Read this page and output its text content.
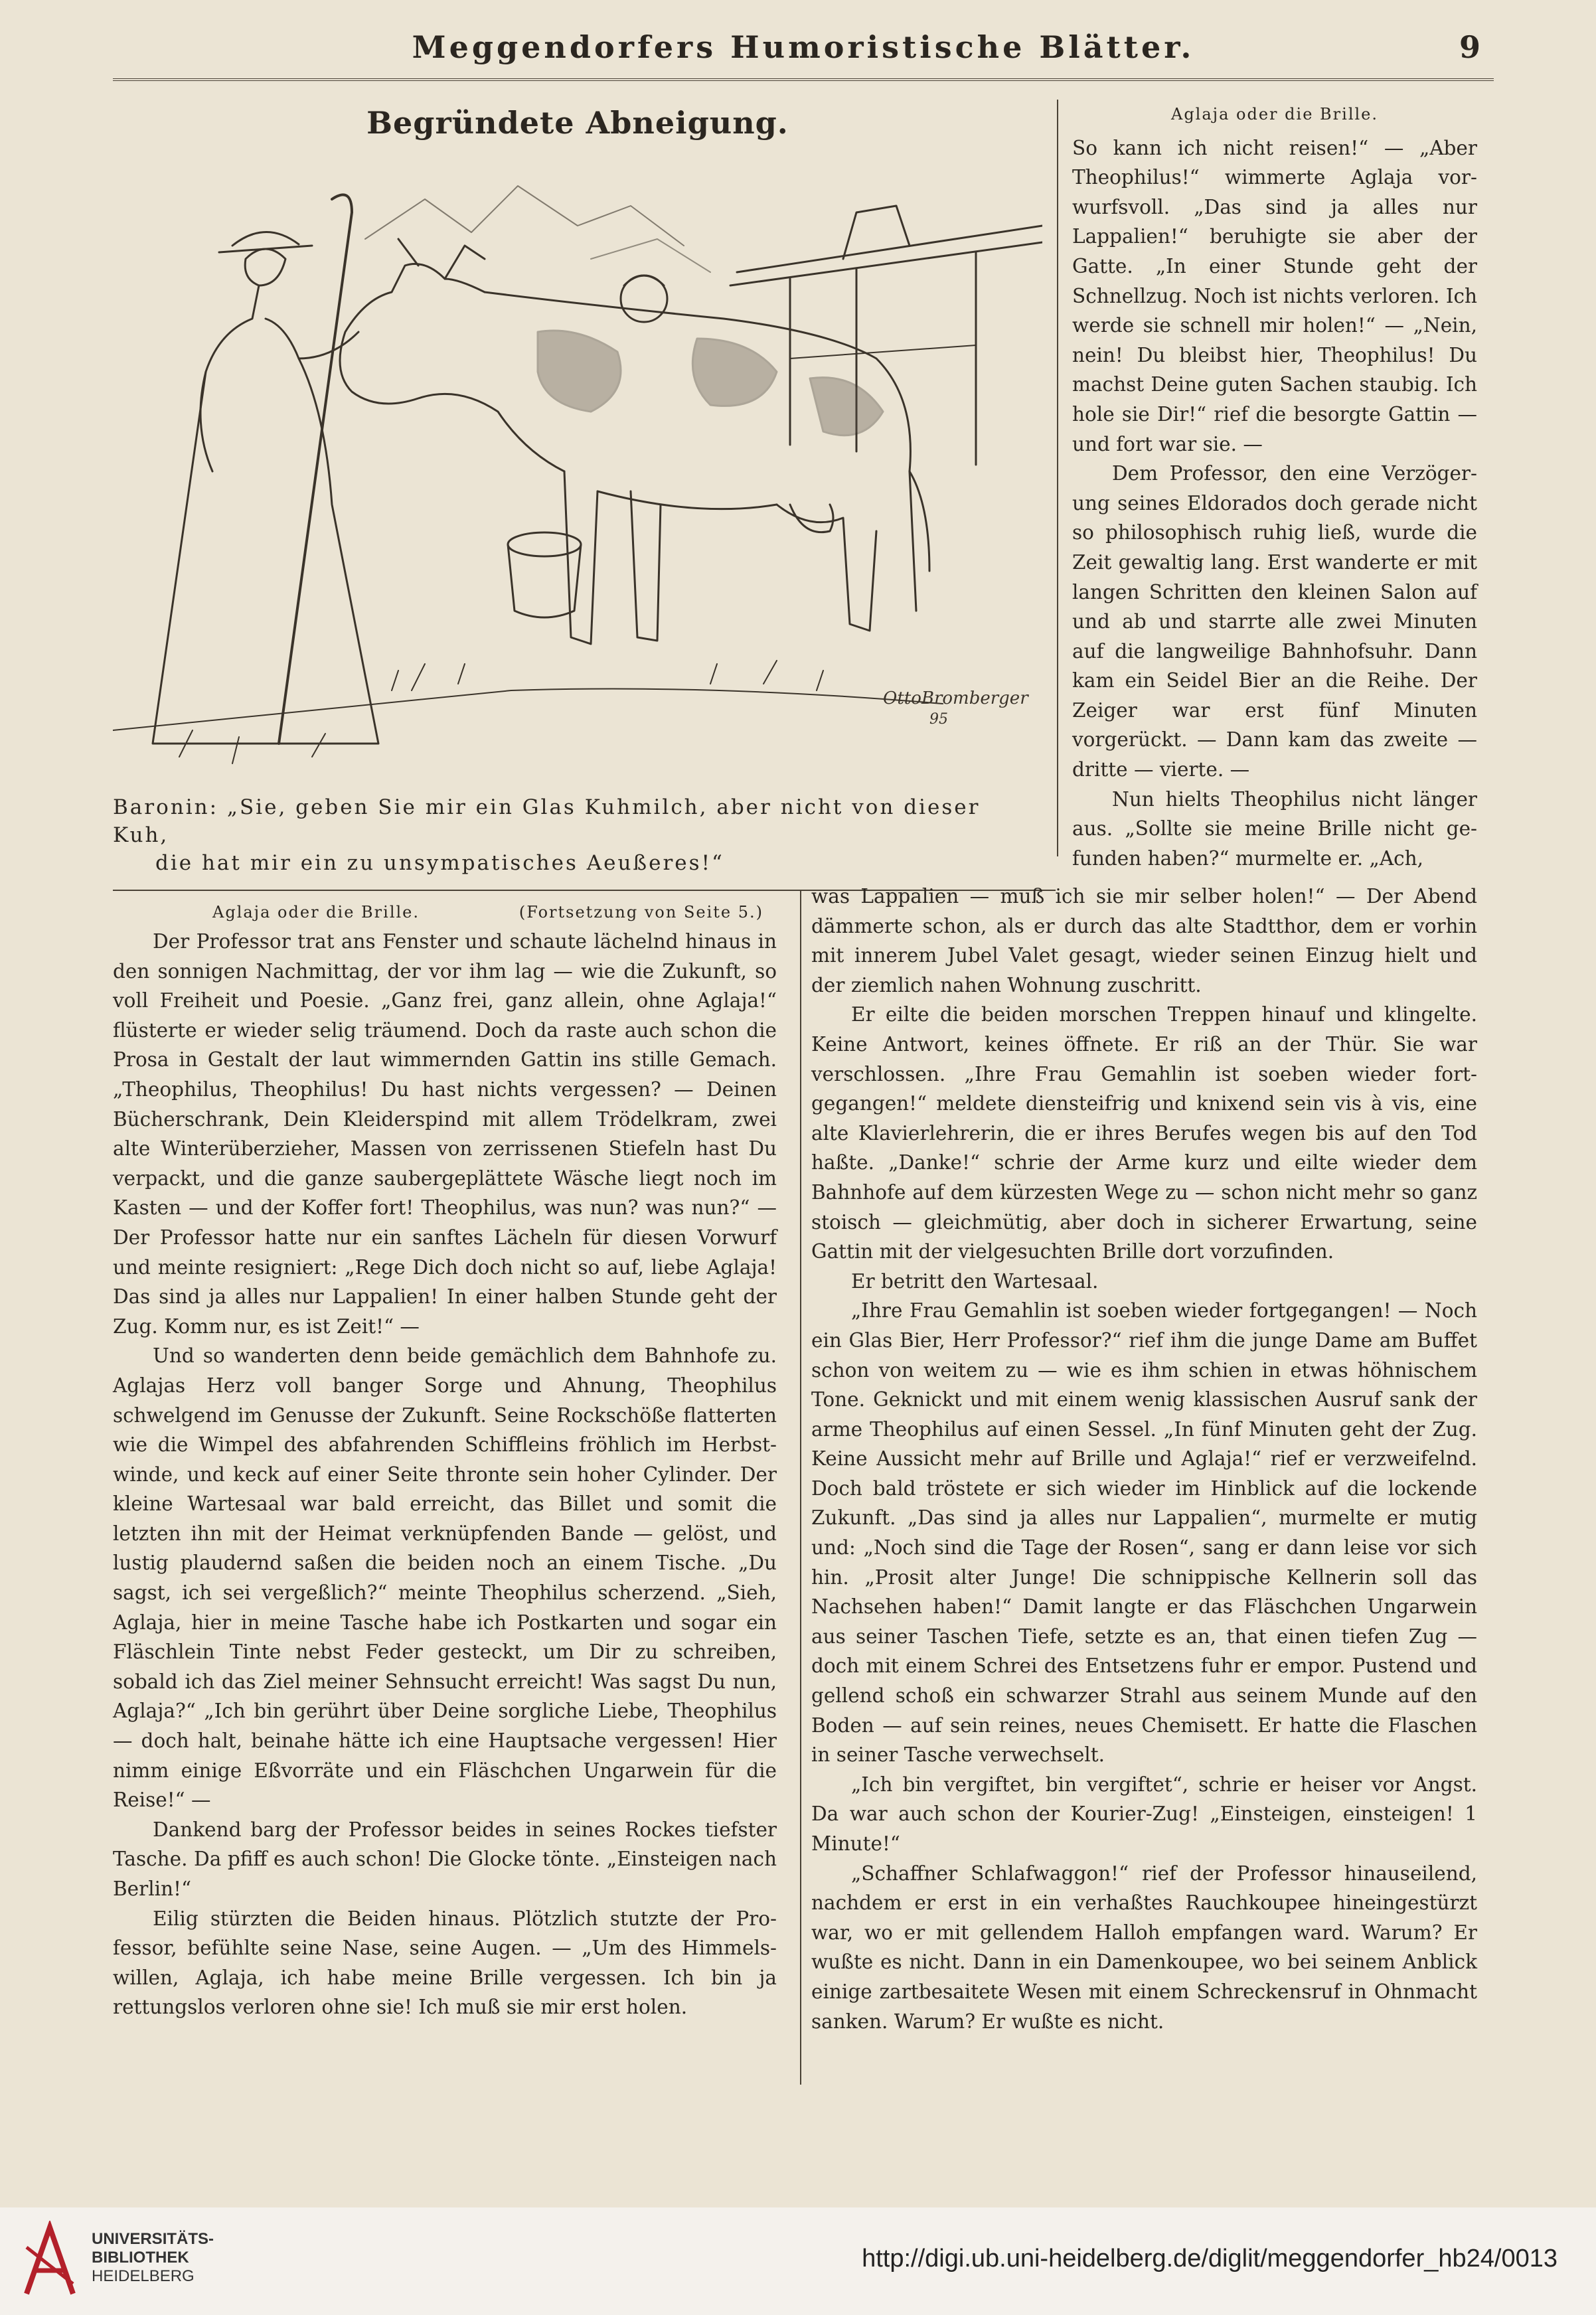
Meggendorfers Humoristische Blätter.	9
Begründete Abneigung.
OttoBromberger
95
Baronin: „Sie, geben Sie mir ein Glas Kuhmilch, aber nicht von dieser Kuh,
die hat mir ein zu unsympatisches Aeußeres!“
Aglaja oder die Brille.	(Fortsetzung von Seite 5.)

Der Professor trat ans Fenster und schaute lächelnd hinaus in den sonnigen Nachmittag, der vor ihm lag — wie die Zukunft, so voll Freiheit und Poesie. „Ganz frei, ganz allein, ohne Aglaja!“ flüsterte er wieder selig träumend. Doch da raste auch schon die Prosa in Gestalt der laut wimmernden Gattin ins stille Gemach. „Theophilus, Theophilus! Du hast nichts vergessen? — Deinen Bücherschrank, Dein Kleiderspind mit allem Trödelkram, zwei alte Winterüberzieher, Massen von zerrissenen Stiefeln hast Du verpackt, und die ganze saubergeplättete Wäsche liegt noch im Kasten — und der Koffer fort! Theophilus, was nun? was nun?“ — Der Professor hatte nur ein sanftes Lächeln für diesen Vorwurf und meinte resigniert: „Rege Dich doch nicht so auf, liebe Aglaja! Das sind ja alles nur Lappalien! In einer halben Stunde geht der Zug. Komm nur, es ist Zeit!“ —

Und so wanderten denn beide gemächlich dem Bahnhofe zu. Aglajas Herz voll banger Sorge und Ahnung, Theophilus schwelgend im Genusse der Zukunft. Seine Rockschöße flatterten wie die Wimpel des abfahrenden Schiffleins fröhlich im Herbstwinde, und keck auf einer Seite thronte sein hoher Cylinder. Der kleine Wartesaal war bald erreicht, das Billet und somit die letzten ihn mit der Heimat verknüpfenden Bande — gelöst, und lustig plaudernd saßen die beiden noch an einem Tische. „Du sagst, ich sei vergeßlich?“ meinte Theophilus scherzend. „Sieh, Aglaja, hier in meine Tasche habe ich Postkarten und sogar ein Fläschlein Tinte nebst Feder gesteckt, um Dir zu schreiben, sobald ich das Ziel meiner Sehnsucht erreicht! Was sagst Du nun, Aglaja?“ „Ich bin gerührt über Deine sorgliche Liebe, Theophilus — doch halt, beinahe hätte ich eine Hauptsache vergessen! Hier nimm einige Eßvorräte und ein Fläschchen Ungarwein für die Reise!“ —

Dankend barg der Professor beides in seines Rockes tiefster Tasche. Da pfiff es auch schon! Die Glocke tönte. „Einsteigen nach Berlin!“

Eilig stürzten die Beiden hinaus. Plötzlich stutzte der Professor, befühlte seine Nase, seine Augen. — „Um des Himmelswillen, Aglaja, ich habe meine Brille vergessen. Ich bin ja rettungslos verloren ohne sie! Ich muß sie mir erst holen.

Aglaja oder die Brille.

So kann ich nicht reisen!“ — „Aber Theophilus!“ wimmerte Aglaja vorwurfsvoll. „Das sind ja alles nur Lappalien!“ beruhigte sie aber der Gatte. „In einer Stunde geht der Schnellzug. Noch ist nichts verloren. Ich werde sie schnell mir holen!“ — „Nein, nein! Du bleibst hier, Theophilus! Du machst Deine guten Sachen staubig. Ich hole sie Dir!“ rief die besorgte Gattin — und fort war sie. —

Dem Professor, den eine Verzögerung seines Eldorados doch gerade nicht so philosophisch ruhig ließ, wurde die Zeit gewaltig lang. Erst wanderte er mit langen Schritten den kleinen Salon auf und ab und starrte alle zwei Minuten auf die langweilige Bahnhofsuhr. Dann kam ein Seidel Bier an die Reihe. Der Zeiger war erst fünf Minuten vorgerückt. — Dann kam das zweite — dritte — vierte. —

Nun hielts Theophilus nicht länger aus. „Sollte sie meine Brille nicht gefunden haben?“ murmelte er. „Ach,

was Lappalien — muß ich sie mir selber holen!“ — Der Abend dämmerte schon, als er durch das alte Stadtthor, dem er vorhin mit innerem Jubel Valet gesagt, wieder seinen Einzug hielt und der ziemlich nahen Wohnung zuschritt.

Er eilte die beiden morschen Treppen hinauf und klingelte. Keine Antwort, keines öffnete. Er riß an der Thür. Sie war verschlossen. „Ihre Frau Gemahlin ist soeben wieder fortgegangen!“ meldete diensteifrig und knixend sein vis à vis, eine alte Klavierlehrerin, die er ihres Berufes wegen bis auf den Tod haßte. „Danke!“ schrie der Arme kurz und eilte wieder dem Bahnhofe auf dem kürzesten Wege zu — schon nicht mehr so ganz stoisch — gleichmütig, aber doch in sicherer Erwartung, seine Gattin mit der vielgesuchten Brille dort vorzufinden.

Er betritt den Wartesaal.

„Ihre Frau Gemahlin ist soeben wieder fortgegangen! — Noch ein Glas Bier, Herr Professor?“ rief ihm die junge Dame am Buffet schon von weitem zu — wie es ihm schien in etwas höhnischem Tone. Geknickt und mit einem wenig klassischen Ausruf sank der arme Theophilus auf einen Sessel. „In fünf Minuten geht der Zug. Keine Aussicht mehr auf Brille und Aglaja!“ rief er verzweifelnd. Doch bald tröstete er sich wieder im Hinblick auf die lockende Zukunft. „Das sind ja alles nur Lappalien“, murmelte er mutig und: „Noch sind die Tage der Rosen“, sang er dann leise vor sich hin. „Prosit alter Junge! Die schnippische Kellnerin soll das Nachsehen haben!“ Damit langte er das Fläschchen Ungarwein aus seiner Taschen Tiefe, setzte es an, that einen tiefen Zug — doch mit einem Schrei des Entsetzens fuhr er empor. Pustend und gellend schoß ein schwarzer Strahl aus seinem Munde auf den Boden — auf sein reines, neues Chemisett. Er hatte die Flaschen in seiner Tasche verwechselt.

„Ich bin vergiftet, bin vergiftet“, schrie er heiser vor Angst. Da war auch schon der Kourier-Zug! „Einsteigen, einsteigen! 1 Minute!“

„Schaffner Schlafwaggon!“ rief der Professor hinauseilend, nachdem er erst in ein verhaßtes Rauchkoupee hineingestürzt war, wo er mit gellendem Halloh empfangen ward. Warum? Er wußte es nicht. Dann in ein Damenkoupee, wo bei seinem Anblick einige zartbesaitete Wesen mit einem Schreckensruf in Ohnmacht sanken. Warum? Er wußte es nicht.

UNIVERSITÄTS-
BIBLIOTHEK
HEIDELBERG
http://digi.ub.uni-heidelberg.de/diglit/meggendorfer_hb24/0013
